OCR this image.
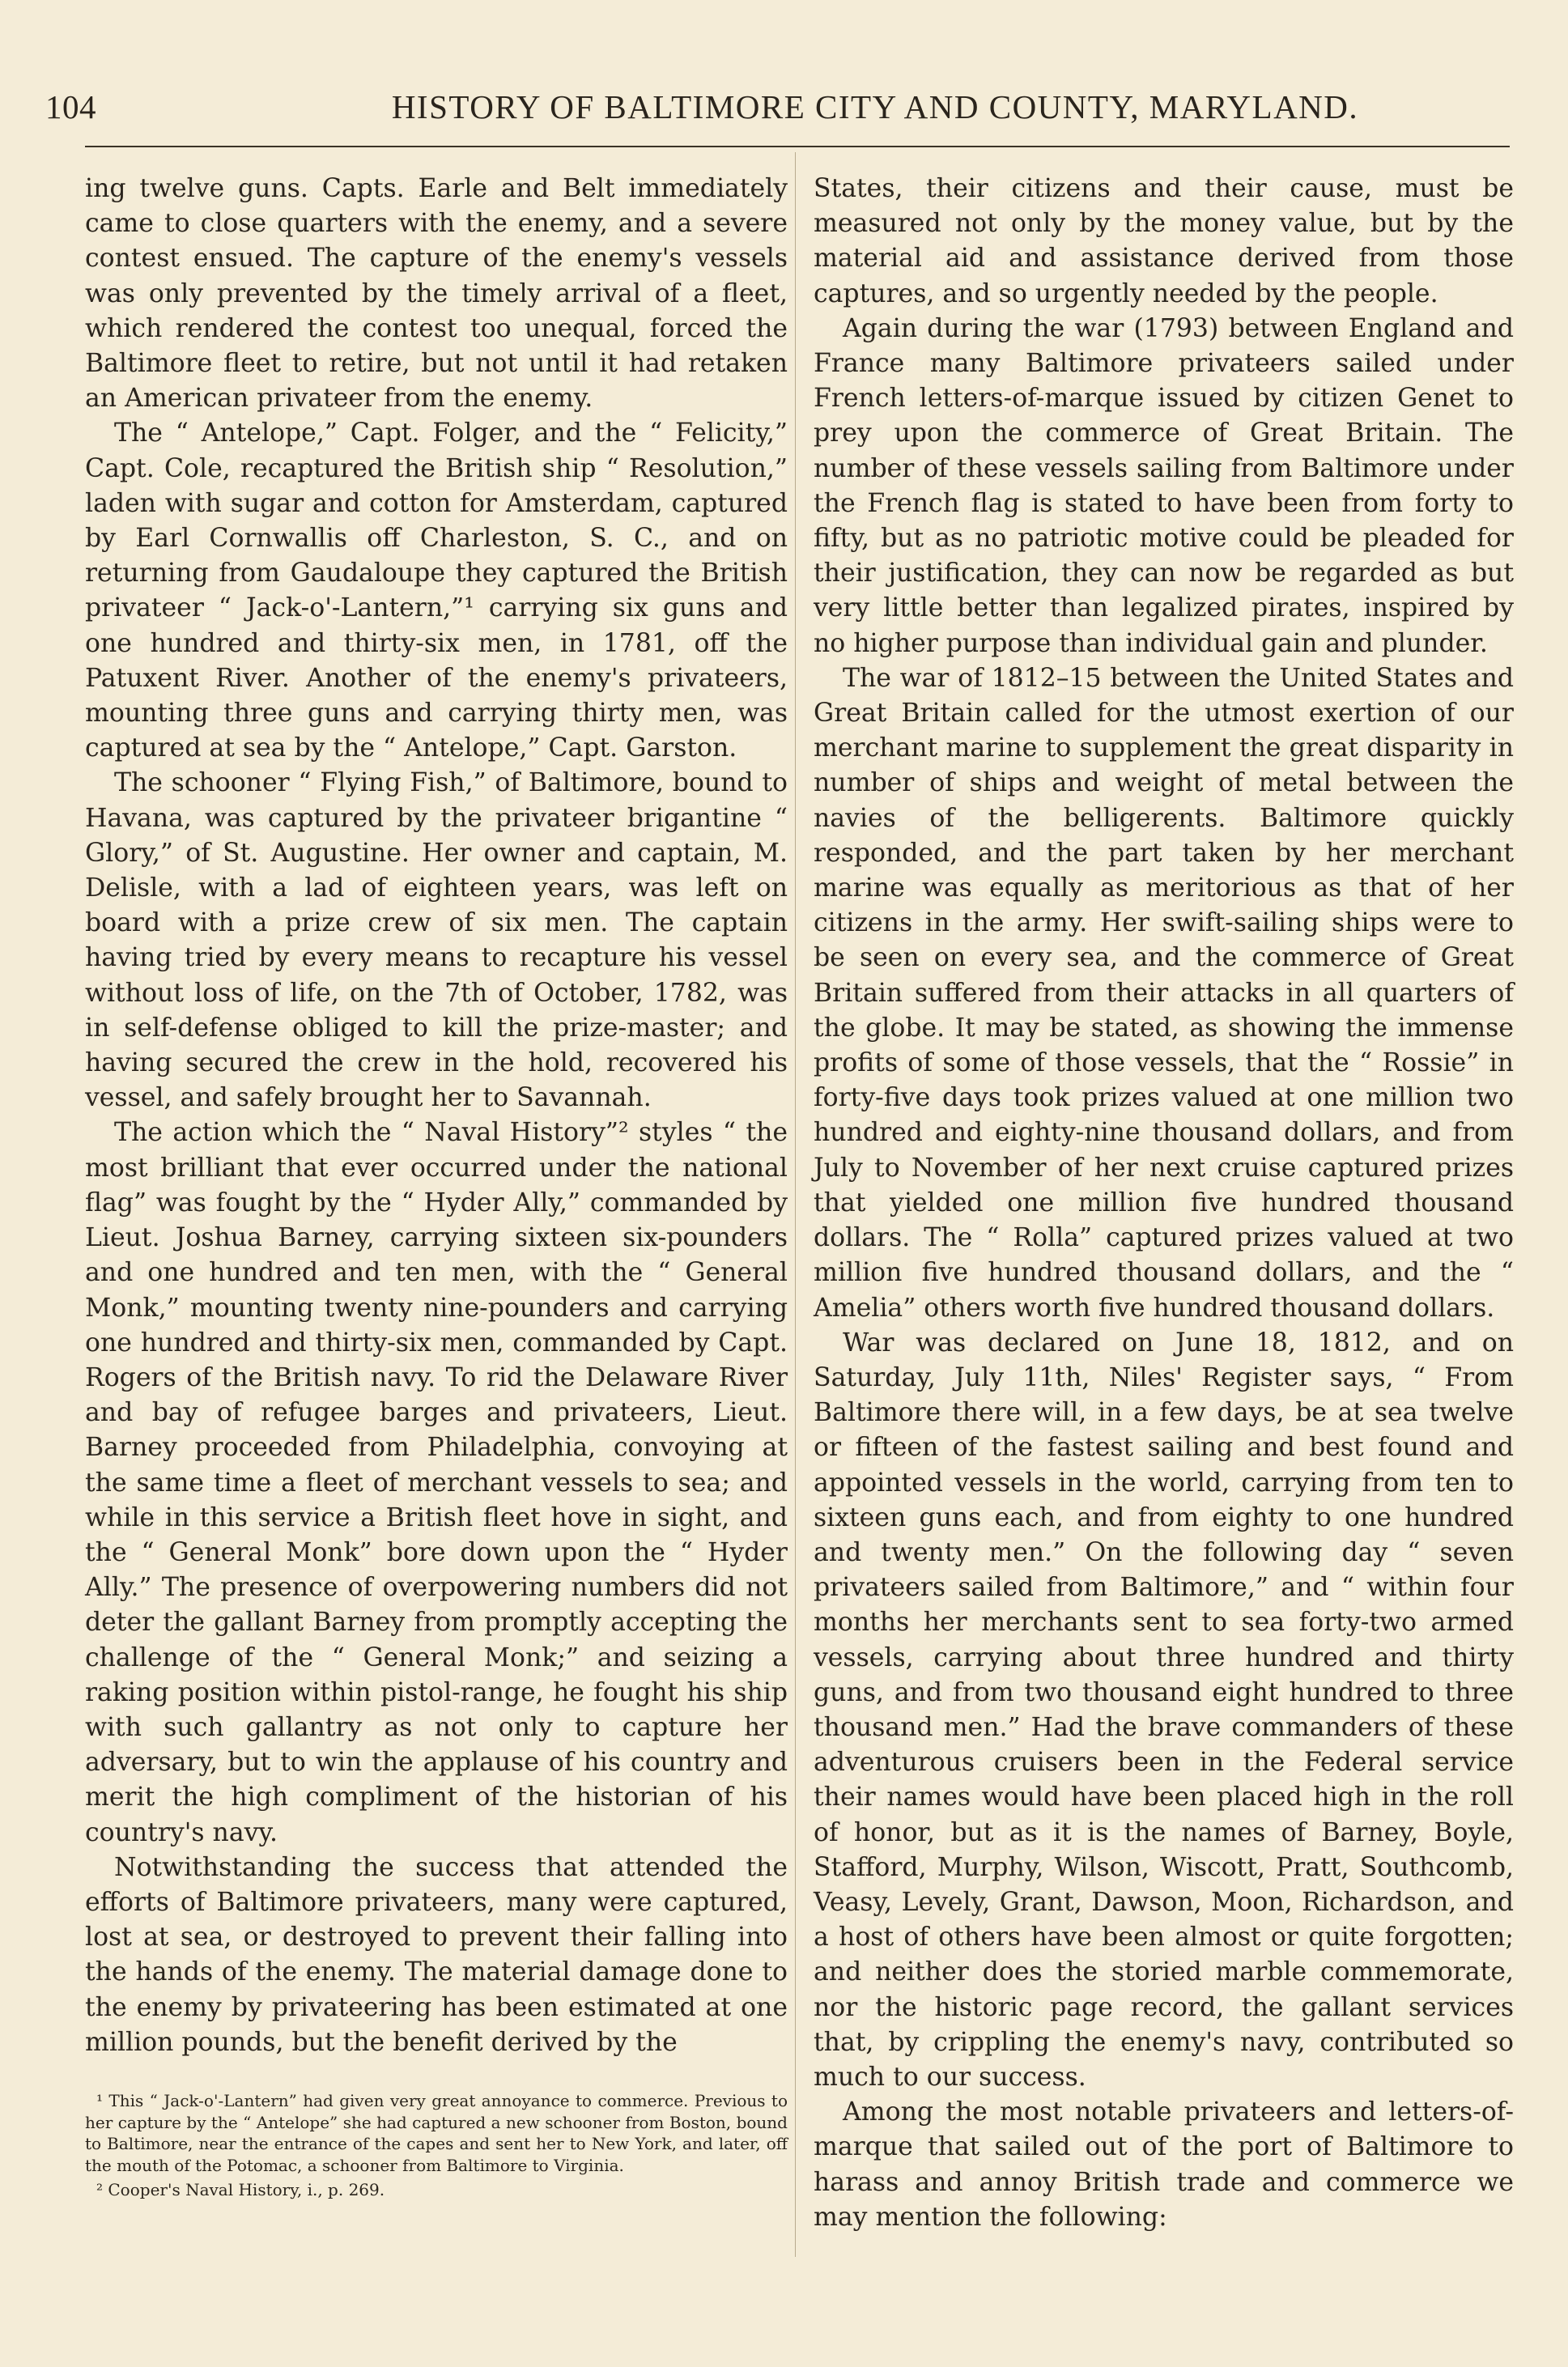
104	HISTORY OF BALTIMORE CITY AND COUNTY, MARYLAND.

ing twelve guns. Capts. Earle and Belt immediately came to close quarters with the enemy, and a severe contest ensued. The capture of the enemy's vessels was only prevented by the timely arrival of a fleet, which rendered the contest too unequal, forced the Baltimore fleet to retire, but not until it had retaken an American privateer from the enemy.

The “ Antelope,” Capt. Folger, and the “ Felicity,” Capt. Cole, recaptured the British ship “ Resolution,” laden with sugar and cotton for Amsterdam, captured by Earl Cornwallis off Charleston, S. C., and on returning from Gaudaloupe they captured the British privateer “ Jack-o'-Lantern,”¹ carrying six guns and one hundred and thirty-six men, in 1781, off the Patuxent River. Another of the enemy's privateers, mounting three guns and carrying thirty men, was captured at sea by the “ Antelope,” Capt. Garston.

The schooner “ Flying Fish,” of Baltimore, bound to Havana, was captured by the privateer brigantine “ Glory,” of St. Augustine. Her owner and captain, M. Delisle, with a lad of eighteen years, was left on board with a prize crew of six men. The captain having tried by every means to recapture his vessel without loss of life, on the 7th of October, 1782, was in self-defense obliged to kill the prize-master; and having secured the crew in the hold, recovered his vessel, and safely brought her to Savannah.

The action which the “ Naval History”² styles “ the most brilliant that ever occurred under the national flag” was fought by the “ Hyder Ally,” commanded by Lieut. Joshua Barney, carrying sixteen six-pounders and one hundred and ten men, with the “ General Monk,” mounting twenty nine-pounders and carrying one hundred and thirty-six men, commanded by Capt. Rogers of the British navy. To rid the Delaware River and bay of refugee barges and privateers, Lieut. Barney proceeded from Philadelphia, convoying at the same time a fleet of merchant vessels to sea; and while in this service a British fleet hove in sight, and the “ General Monk” bore down upon the “ Hyder Ally.” The presence of overpowering numbers did not deter the gallant Barney from promptly accepting the challenge of the “ General Monk;” and seizing a raking position within pistol-range, he fought his ship with such gallantry as not only to capture her adversary, but to win the applause of his country and merit the high compliment of the historian of his country's navy.

Notwithstanding the success that attended the efforts of Baltimore privateers, many were captured, lost at sea, or destroyed to prevent their falling into the hands of the enemy. The material damage done to the enemy by privateering has been estimated at one million pounds, but the benefit derived by the

¹ This “ Jack-o'-Lantern” had given very great annoyance to commerce. Previous to her capture by the “ Antelope” she had captured a new schooner from Boston, bound to Baltimore, near the entrance of the capes and sent her to New York, and later, off the mouth of the Potomac, a schooner from Baltimore to Virginia.

² Cooper's Naval History, i., p. 269.

States, their citizens and their cause, must be measured not only by the money value, but by the material aid and assistance derived from those captures, and so urgently needed by the people.

Again during the war (1793) between England and France many Baltimore privateers sailed under French letters-of-marque issued by citizen Genet to prey upon the commerce of Great Britain. The number of these vessels sailing from Baltimore under the French flag is stated to have been from forty to fifty, but as no patriotic motive could be pleaded for their justification, they can now be regarded as but very little better than legalized pirates, inspired by no higher purpose than individual gain and plunder.

The war of 1812–15 between the United States and Great Britain called for the utmost exertion of our merchant marine to supplement the great disparity in number of ships and weight of metal between the navies of the belligerents. Baltimore quickly responded, and the part taken by her merchant marine was equally as meritorious as that of her citizens in the army. Her swift-sailing ships were to be seen on every sea, and the commerce of Great Britain suffered from their attacks in all quarters of the globe. It may be stated, as showing the immense profits of some of those vessels, that the “ Rossie” in forty-five days took prizes valued at one million two hundred and eighty-nine thousand dollars, and from July to November of her next cruise captured prizes that yielded one million five hundred thousand dollars. The “ Rolla” captured prizes valued at two million five hundred thousand dollars, and the “ Amelia” others worth five hundred thousand dollars.

War was declared on June 18, 1812, and on Saturday, July 11th, Niles' Register says, “ From Baltimore there will, in a few days, be at sea twelve or fifteen of the fastest sailing and best found and appointed vessels in the world, carrying from ten to sixteen guns each, and from eighty to one hundred and twenty men.” On the following day “ seven privateers sailed from Baltimore,” and “ within four months her merchants sent to sea forty-two armed vessels, carrying about three hundred and thirty guns, and from two thousand eight hundred to three thousand men.” Had the brave commanders of these adventurous cruisers been in the Federal service their names would have been placed high in the roll of honor, but as it is the names of Barney, Boyle, Stafford, Murphy, Wilson, Wiscott, Pratt, Southcomb, Veasy, Levely, Grant, Dawson, Moon, Richardson, and a host of others have been almost or quite forgotten; and neither does the storied marble commemorate, nor the historic page record, the gallant services that, by crippling the enemy's navy, contributed so much to our success.

Among the most notable privateers and letters-of-marque that sailed out of the port of Baltimore to harass and annoy British trade and commerce we may mention the following:
